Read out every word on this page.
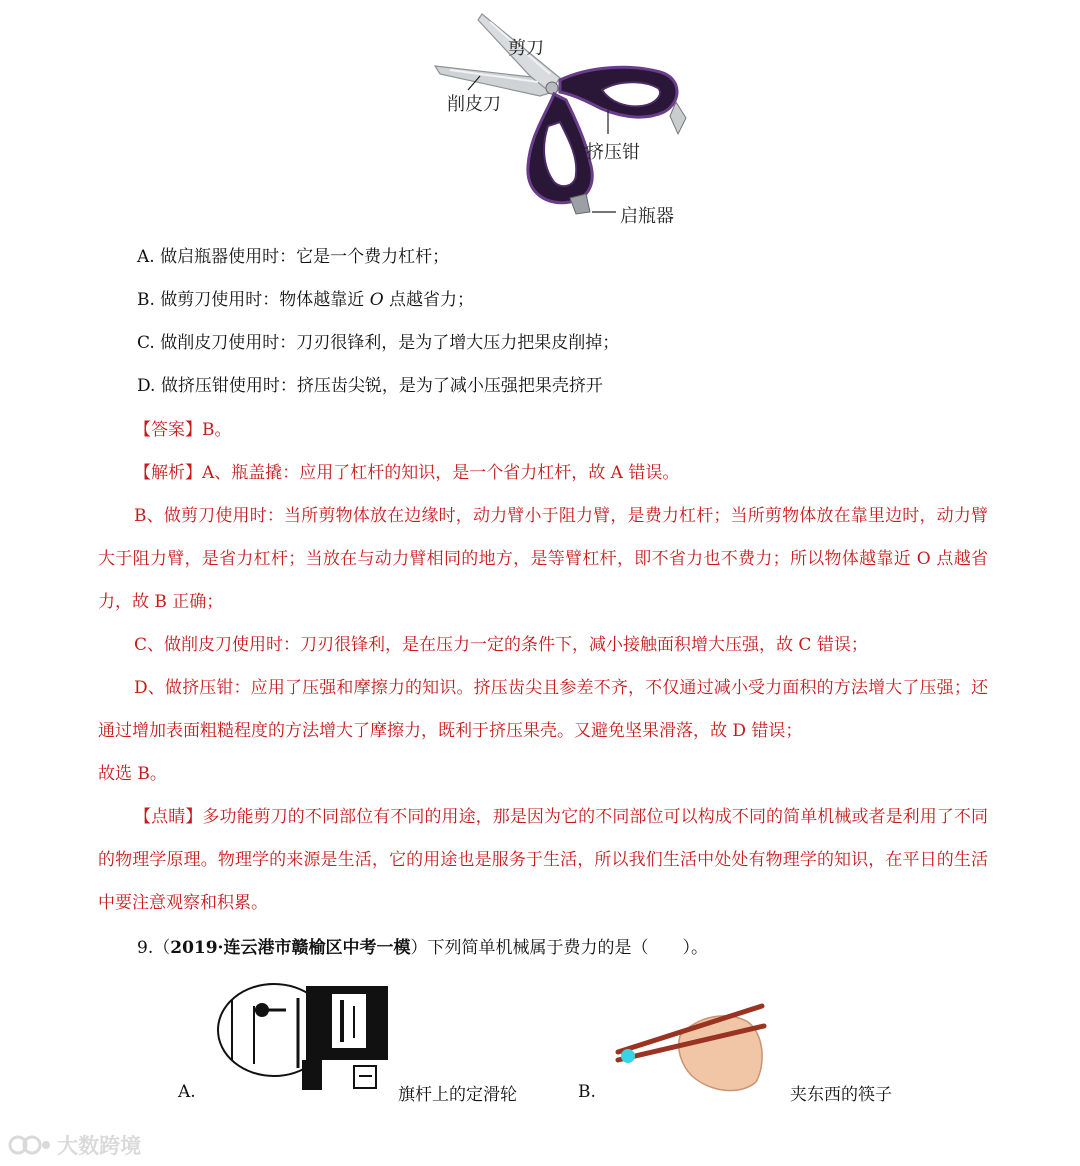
剪刀
削皮刀
挤压钳
启瓶器
A. 做启瓶器使用时：它是一个费力杠杆；
B. 做剪刀使用时：物体越靠近 O 点越省力；
C. 做削皮刀使用时：刀刃很锋利，是为了增大压力把果皮削掉；
D. 做挤压钳使用时：挤压齿尖锐，是为了减小压强把果壳挤开
【答案】B。
【解析】A、瓶盖撬：应用了杠杆的知识，是一个省力杠杆，故 A 错误。
B、做剪刀使用时：当所剪物体放在边缘时，动力臂小于阻力臂，是费力杠杆；当所剪物体放在靠里边时，动力臂大于阻力臂，是省力杠杆；当放在与动力臂相同的地方，是等臂杠杆，即不省力也不费力；所以物体越靠近 O 点越省力，故 B 正确；
C、做削皮刀使用时：刀刃很锋利，是在压力一定的条件下，减小接触面积增大压强，故 C 错误；
D、做挤压钳：应用了压强和摩擦力的知识。挤压齿尖且参差不齐，不仅通过减小受力面积的方法增大了压强；还通过增加表面粗糙程度的方法增大了摩擦力，既利于挤压果壳。又避免坚果滑落，故 D 错误；
故选 B。
【点睛】多功能剪刀的不同部位有不同的用途，那是因为它的不同部位可以构成不同的简单机械或者是利用了不同的物理学原理。物理学的来源是生活，它的用途也是服务于生活，所以我们生活中处处有物理学的知识，在平日的生活中要注意观察和积累。
9.（2019·连云港市赣榆区中考一模）下列简单机械属于费力的是（　　）。
A.	旗杆上的定滑轮	B.	夹东西的筷子
大数跨境
